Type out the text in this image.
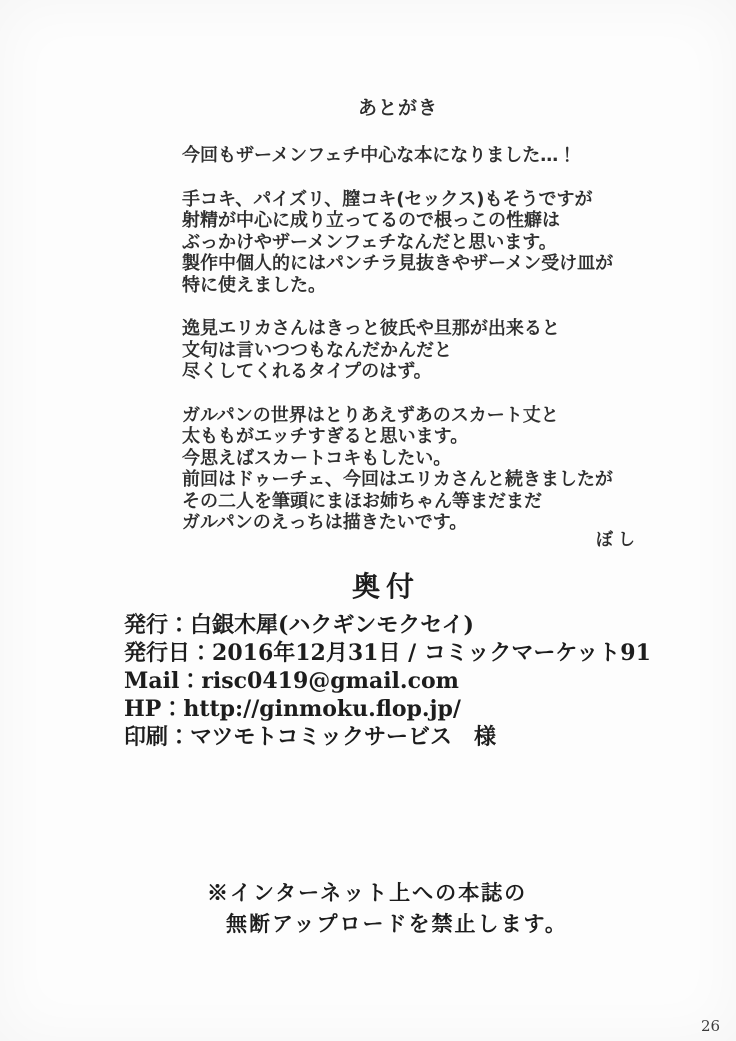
あとがき
今回もザーメンフェチ中心な本になりました…！
手コキ、パイズリ、膣コキ(セックス)もそうですが
射精が中心に成り立ってるので根っこの性癖は
ぶっかけやザーメンフェチなんだと思います。
製作中個人的にはパンチラ見抜きやザーメン受け皿が
特に使えました。
逸見エリカさんはきっと彼氏や旦那が出来ると
文句は言いつつもなんだかんだと
尽くしてくれるタイプのはず。
ガルパンの世界はとりあえずあのスカート丈と
太ももがエッチすぎると思います。
今思えばスカートコキもしたい。
前回はドゥーチェ、今回はエリカさんと続きましたが
その二人を筆頭にまほお姉ちゃん等まだまだ
ガルパンのえっちは描きたいです。
ぼし
奥付
発行：白銀木犀(ハクギンモクセイ)
発行日：2016年12月31日 / コミックマーケット91
Mail：risc0419@gmail.com
HP：http://ginmoku.flop.jp/
印刷：マツモトコミックサービス　様
※インターネット上への本誌の
無断アップロードを禁止します。
26
